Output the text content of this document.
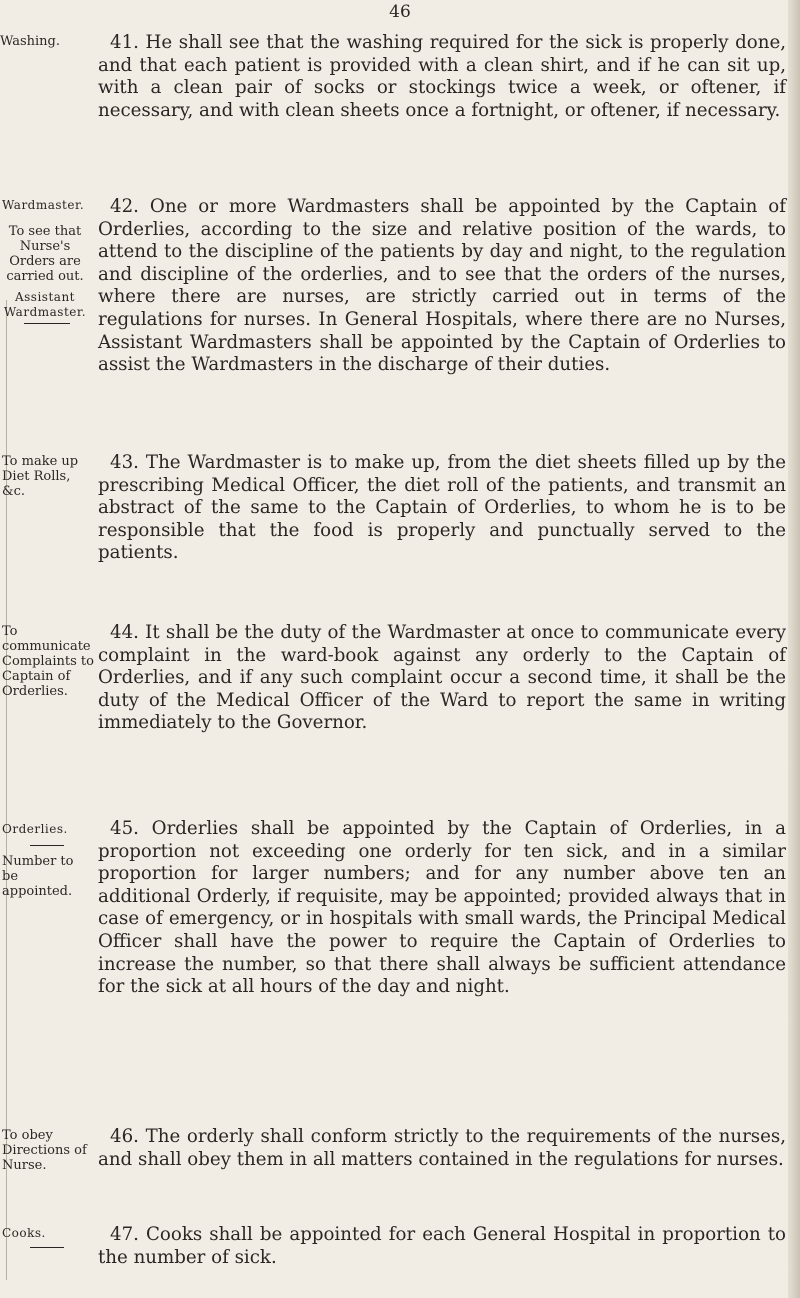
46
Washing.	41. He shall see that the washing required for the sick is properly done, and that each patient is provided with a clean shirt, and if he can sit up, with a clean pair of socks or stockings twice a week, or oftener, if necessary, and with clean sheets once a fortnight, or oftener, if necessary.
Wardmaster.
To see that Nurse's Orders are carried out.
Assistant Wardmaster.
42. One or more Wardmasters shall be appointed by the Captain of Orderlies, according to the size and relative position of the wards, to attend to the discipline of the patients by day and night, to the regulation and discipline of the orderlies, and to see that the orders of the nurses, where there are nurses, are strictly carried out in terms of the regulations for nurses. In General Hospitals, where there are no Nurses, Assistant Wardmasters shall be appointed by the Captain of Orderlies to assist the Wardmasters in the discharge of their duties.
To make up Diet Rolls, &c.
43. The Wardmaster is to make up, from the diet sheets filled up by the prescribing Medical Officer, the diet roll of the patients, and transmit an abstract of the same to the Captain of Orderlies, to whom he is to be responsible that the food is properly and punctually served to the patients.
To communicate Complaints to Captain of Orderlies.
44. It shall be the duty of the Wardmaster at once to communicate every complaint in the ward-book against any orderly to the Captain of Orderlies, and if any such complaint occur a second time, it shall be the duty of the Medical Officer of the Ward to report the same in writing immediately to the Governor.
Orderlies.
Number to be appointed.
45. Orderlies shall be appointed by the Captain of Orderlies, in a proportion not exceeding one orderly for ten sick, and in a similar proportion for larger numbers; and for any number above ten an additional Orderly, if requisite, may be appointed; provided always that in case of emergency, or in hospitals with small wards, the Principal Medical Officer shall have the power to require the Captain of Orderlies to increase the number, so that there shall always be sufficient attendance for the sick at all hours of the day and night.
To obey Directions of Nurse.
46. The orderly shall conform strictly to the requirements of the nurses, and shall obey them in all matters contained in the regulations for nurses.
Cooks.	47. Cooks shall be appointed for each General Hospital in proportion to the number of sick.
